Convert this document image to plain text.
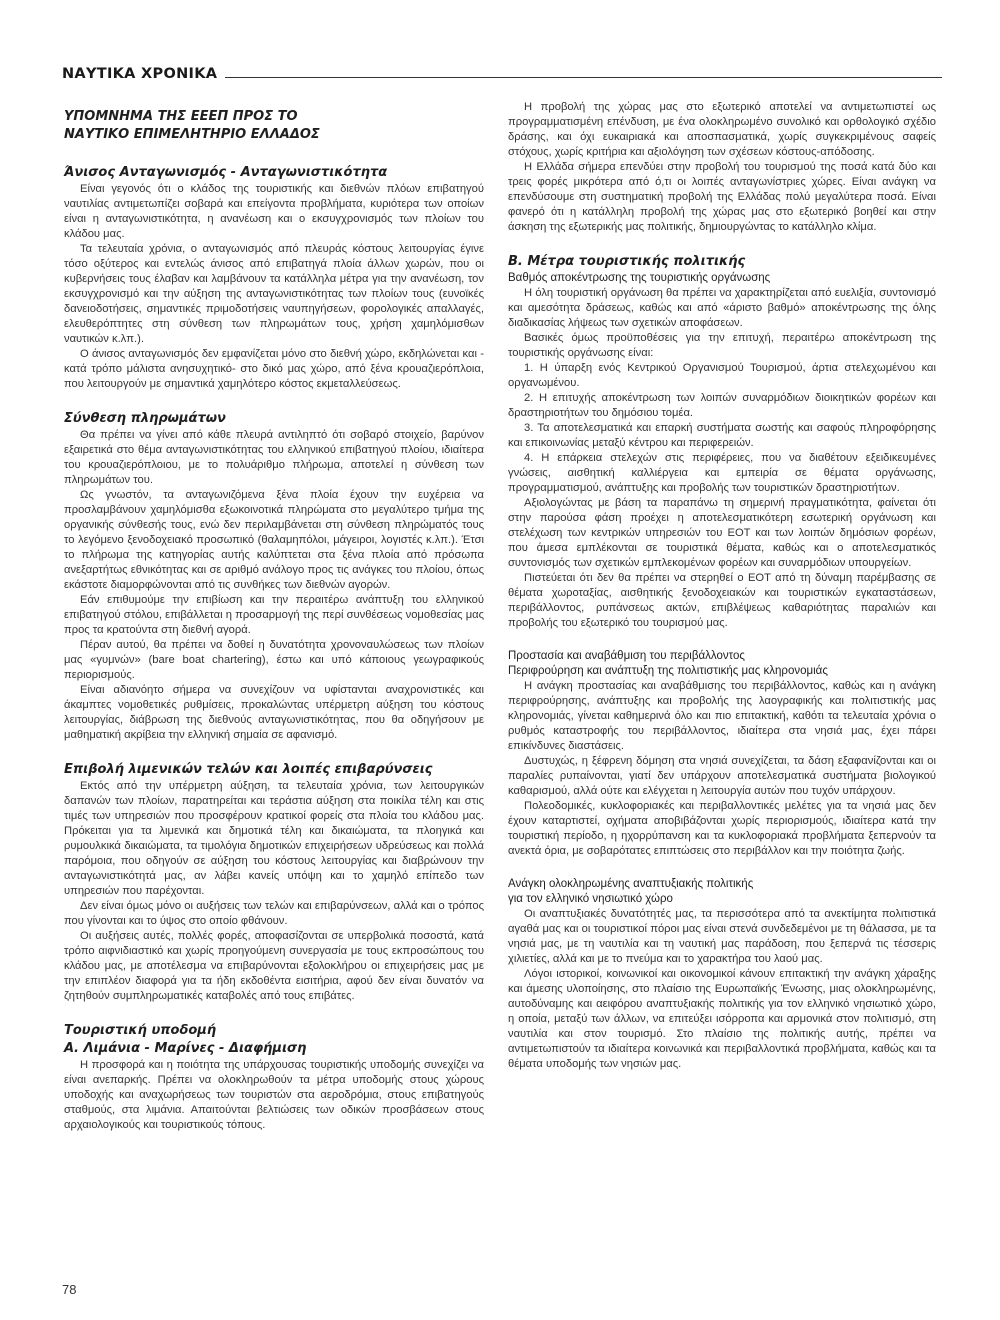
ΝΑΥΤΙΚΑ ΧΡΟΝΙΚΑ
ΥΠΟΜΝΗΜΑ ΤΗΣ ΕΕΕΠ ΠΡΟΣ ΤΟ
ΝΑΥΤΙΚΟ ΕΠΙΜΕΛΗΤΗΡΙΟ ΕΛΛΑΔΟΣ
Άνισος Ανταγωνισμός - Ανταγωνιστικότητα

Είναι γεγονός ότι ο κλάδος της τουριστικής και διεθνών πλόων επιβατηγού ναυτιλίας αντιμετωπίζει σοβαρά και επείγοντα προβλήματα, κυριότερα των οποίων είναι η ανταγωνιστικότητα, η ανανέωση και ο εκσυγχρονισμός των πλοίων του κλάδου μας.

Τα τελευταία χρόνια, ο ανταγωνισμός από πλευράς κόστους λειτουργίας έγινε τόσο οξύτερος και εντελώς άνισος από επιβατηγά πλοία άλλων χωρών, που οι κυβερνήσεις τους έλαβαν και λαμβάνουν τα κατάλληλα μέτρα για την ανανέωση, τον εκσυγχρονισμό και την αύξηση της ανταγωνιστικότητας των πλοίων τους (ευνοϊκές δανειοδοτήσεις, σημαντικές πριμοδοτήσεις ναυπηγήσεων, φορολογικές απαλλαγές, ελευθερόπτητες στη σύνθεση των πληρωμάτων τους, χρήση χαμηλόμισθων ναυτικών κ.λπ.).

Ο άνισος ανταγωνισμός δεν εμφανίζεται μόνο στο διεθνή χώρο, εκδηλώνεται και - κατά τρόπο μάλιστα ανησυχητικό- στο δικό μας χώρο, από ξένα κρουαζιερόπλοια, που λειτουργούν με σημαντικά χαμηλότερο κόστος εκμεταλλεύσεως.

Σύνθεση πληρωμάτων

Θα πρέπει να γίνει από κάθε πλευρά αντιληπτό ότι σοβαρό στοιχείο, βαρύνον εξαιρετικά στο θέμα ανταγωνιστικότητας του ελληνικού επιβατηγού πλοίου, ιδιαίτερα του κρουαζιερόπλοιου, με το πολυάριθμο πλήρωμα, αποτελεί η σύνθεση των πληρωμάτων του.

Ως γνωστόν, τα ανταγωνιζόμενα ξένα πλοία έχουν την ευχέρεια να προσλαμβάνουν χαμηλόμισθα εξωκοινοτικά πληρώματα στο μεγαλύτερο τμήμα της οργανικής σύνθεσής τους, ενώ δεν περιλαμβάνεται στη σύνθεση πληρώματός τους το λεγόμενο ξενοδοχειακό προσωπικό (θαλαμηπόλοι, μάγειροι, λογιστές κ.λπ.). Έτσι το πλήρωμα της κατηγορίας αυτής καλύπτεται στα ξένα πλοία από πρόσωπα ανεξαρτήτως εθνικότητας και σε αριθμό ανάλογο προς τις ανάγκες του πλοίου, όπως εκάστοτε διαμορφώνονται από τις συνθήκες των διεθνών αγορών.

Εάν επιθυμούμε την επιβίωση και την περαιτέρω ανάπτυξη του ελληνικού επιβατηγού στόλου, επιβάλλεται η προσαρμογή της περί συνθέσεως νομοθεσίας μας προς τα κρατούντα στη διεθνή αγορά.

Πέραν αυτού, θα πρέπει να δοθεί η δυνατότητα χρονοναυλώσεως των πλοίων μας «γυμνών» (bare boat chartering), έστω και υπό κάποιους γεωγραφικούς περιορισμούς.

Είναι αδιανόητο σήμερα να συνεχίζουν να υφίστανται αναχρονιστικές και άκαμπτες νομοθετικές ρυθμίσεις, προκαλώντας υπέρμετρη αύξηση του κόστους λειτουργίας, διάβρωση της διεθνούς ανταγωνιστικότητας, που θα οδηγήσουν με μαθηματική ακρίβεια την ελληνική σημαία σε αφανισμό.

Επιβολή λιμενικών τελών και λοιπές επιβαρύνσεις

Εκτός από την υπέρμετρη αύξηση, τα τελευταία χρόνια, των λειτουργικών δαπανών των πλοίων, παρατηρείται και τεράστια αύξηση στα ποικίλα τέλη και στις τιμές των υπηρεσιών που προσφέρουν κρατικοί φορείς στα πλοία του κλάδου μας. Πρόκειται για τα λιμενικά και δημοτικά τέλη και δικαιώματα, τα πλοηγικά και ρυμουλκικά δικαιώματα, τα τιμολόγια δημοτικών επιχειρήσεων υδρεύσεως και πολλά παρόμοια, που οδηγούν σε αύξηση του κόστους λειτουργίας και διαβρώνουν την ανταγωνιστικότητά μας, αν λάβει κανείς υπόψη και το χαμηλό επίπεδο των υπηρεσιών που παρέχονται.

Δεν είναι όμως μόνο οι αυξήσεις των τελών και επιβαρύνσεων, αλλά και ο τρόπος που γίνονται και το ύψος στο οποίο φθάνουν.

Οι αυξήσεις αυτές, πολλές φορές, αποφασίζονται σε υπερβολικά ποσοστά, κατά τρόπο αιφνιδιαστικό και χωρίς προηγούμενη συνεργασία με τους εκπροσώπους του κλάδου μας, με αποτέλεσμα να επιβαρύνονται εξολοκλήρου οι επιχειρήσεις μας με την επιπλέον διαφορά για τα ήδη εκδοθέντα εισιτήρια, αφού δεν είναι δυνατόν να ζητηθούν συμπληρωματικές καταβολές από τους επιβάτες.

Τουριστική υποδομή
Α. Λιμάνια - Μαρίνες - Διαφήμιση

Η προσφορά και η ποιότητα της υπάρχουσας τουριστικής υποδομής συνεχίζει να είναι ανεπαρκής. Πρέπει να ολοκληρωθούν τα μέτρα υποδομής στους χώρους υποδοχής και αναχωρήσεως των τουριστών στα αεροδρόμια, στους επιβατηγούς σταθμούς, στα λιμάνια. Απαιτούνται βελτιώσεις των οδικών προσβάσεων στους αρχαιολογικούς και τουριστικούς τόπους.

Η προβολή της χώρας μας στο εξωτερικό αποτελεί να αντιμετωπιστεί ως προγραμματισμένη επένδυση, με ένα ολοκληρωμένο συνολικό και ορθολογικό σχέδιο δράσης, και όχι ευκαιριακά και αποσπασματικά, χωρίς συγκεκριμένους σαφείς στόχους, χωρίς κριτήρια και αξιολόγηση των σχέσεων κόστους-απόδοσης.

Η Ελλάδα σήμερα επενδύει στην προβολή του τουρισμού της ποσά κατά δύο και τρεις φορές μικρότερα από ό,τι οι λοιπές ανταγωνίστριες χώρες. Είναι ανάγκη να επενδύσουμε στη συστηματική προβολή της Ελλάδας πολύ μεγαλύτερα ποσά. Είναι φανερό ότι η κατάλληλη προβολή της χώρας μας στο εξωτερικό βοηθεί και στην άσκηση της εξωτερικής μας πολιτικής, δημιουργώντας το κατάλληλο κλίμα.

Β. Μέτρα τουριστικής πολιτικής
Βαθμός αποκέντρωσης της τουριστικής οργάνωσης

Η όλη τουριστική οργάνωση θα πρέπει να χαρακτηρίζεται από ευελιξία, συντονισμό και αμεσότητα δράσεως, καθώς και από «άριστο βαθμό» αποκέντρωσης της όλης διαδικασίας λήψεως των σχετικών αποφάσεων.

Βασικές όμως προϋποθέσεις για την επιτυχή, περαιτέρω αποκέντρωση της τουριστικής οργάνωσης είναι:

1. Η ύπαρξη ενός Κεντρικού Οργανισμού Τουρισμού, άρτια στελεχωμένου και οργανωμένου.

2. Η επιτυχής αποκέντρωση των λοιπών συναρμόδιων διοικητικών φορέων και δραστηριοτήτων του δημόσιου τομέα.

3. Τα αποτελεσματικά και επαρκή συστήματα σωστής και σαφούς πληροφόρησης και επικοινωνίας μεταξύ κέντρου και περιφερειών.

4. Η επάρκεια στελεχών στις περιφέρειες, που να διαθέτουν εξειδικευμένες γνώσεις, αισθητική καλλιέργεια και εμπειρία σε θέματα οργάνωσης, προγραμματισμού, ανάπτυξης και προβολής των τουριστικών δραστηριοτήτων.

Αξιολογώντας με βάση τα παραπάνω τη σημερινή πραγματικότητα, φαίνεται ότι στην παρούσα φάση προέχει η αποτελεσματικότερη εσωτερική οργάνωση και στελέχωση των κεντρικών υπηρεσιών του ΕΟΤ και των λοιπών δημόσιων φορέων, που άμεσα εμπλέκονται σε τουριστικά θέματα, καθώς και ο αποτελεσματικός συντονισμός των σχετικών εμπλεκομένων φορέων και συναρμόδιων υπουργείων.

Πιστεύεται ότι δεν θα πρέπει να στερηθεί ο ΕΟΤ από τη δύναμη παρέμβασης σε θέματα χωροταξίας, αισθητικής ξενοδοχειακών και τουριστικών εγκαταστάσεων, περιβάλλοντος, ρυπάνσεως ακτών, επιβλέψεως καθαριότητας παραλιών και προβολής του εξωτερικό του τουρισμού μας.

Προστασία και αναβάθμιση του περιβάλλοντος
Περιφρούρηση και ανάπτυξη της πολιτιστικής μας κληρονομιάς

Η ανάγκη προστασίας και αναβάθμισης του περιβάλλοντος, καθώς και η ανάγκη περιφρούρησης, ανάπτυξης και προβολής της λαογραφικής και πολιτιστικής μας κληρονομιάς, γίνεται καθημερινά όλο και πιο επιτακτική, καθότι τα τελευταία χρόνια ο ρυθμός καταστροφής του περιβάλλοντος, ιδιαίτερα στα νησιά μας, έχει πάρει επικίνδυνες διαστάσεις.

Δυστυχώς, η ξέφρενη δόμηση στα νησιά συνεχίζεται, τα δάση εξαφανίζονται και οι παραλίες ρυπαίνονται, γιατί δεν υπάρχουν αποτελεσματικά συστήματα βιολογικού καθαρισμού, αλλά ούτε και ελέγχεται η λειτουργία αυτών που τυχόν υπάρχουν.

Πολεοδομικές, κυκλοφοριακές και περιβαλλοντικές μελέτες για τα νησιά μας δεν έχουν καταρτιστεί, οχήματα αποβιβάζονται χωρίς περιορισμούς, ιδιαίτερα κατά την τουριστική περίοδο, η ηχορρύπανση και τα κυκλοφοριακά προβλήματα ξεπερνούν τα ανεκτά όρια, με σοβαρότατες επιπτώσεις στο περιβάλλον και την ποιότητα ζωής.

Ανάγκη ολοκληρωμένης αναπτυξιακής πολιτικής
για τον ελληνικό νησιωτικό χώρο

Οι αναπτυξιακές δυνατότητές μας, τα περισσότερα από τα ανεκτίμητα πολιτιστικά αγαθά μας και οι τουριστικοί πόροι μας είναι στενά συνδεδεμένοι με τη θάλασσα, με τα νησιά μας, με τη ναυτιλία και τη ναυτική μας παράδοση, που ξεπερνά τις τέσσερις χιλιετίες, αλλά και με το πνεύμα και το χαρακτήρα του λαού μας.

Λόγοι ιστορικοί, κοινωνικοί και οικονομικοί κάνουν επιτακτική την ανάγκη χάραξης και άμεσης υλοποίησης, στο πλαίσιο της Ευρωπαϊκής Ένωσης, μιας ολοκληρωμένης, αυτοδύναμης και αειφόρου αναπτυξιακής πολιτικής για τον ελληνικό νησιωτικό χώρο, η οποία, μεταξύ των άλλων, να επιτεύξει ισόρροπα και αρμονικά στον πολιτισμό, στη ναυτιλία και στον τουρισμό. Στο πλαίσιο της πολιτικής αυτής, πρέπει να αντιμετωπιστούν τα ιδιαίτερα κοινωνικά και περιβαλλοντικά προβλήματα, καθώς και τα θέματα υποδομής των νησιών μας.

78
